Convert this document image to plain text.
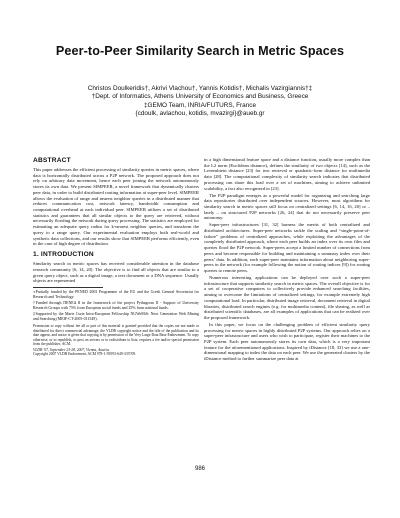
Peer-to-Peer Similarity Search in Metric Spaces
Christos Doulkeridis†, Akrivi Vlachou†, Yannis Kotidis†, Michalis Vazirgiannis†‡
†Dept. of Informatics, Athens University of Economics and Business, Greece
‡GEMO Team, INRIA/FUTURS, France
{cdoulk, avlachou, kotidis, mvazirgi}@aueb.gr
ABSTRACT

This paper addresses the efficient processing of similarity queries in metric spaces, where data is horizontally distributed across a P2P network. The proposed approach does not rely on arbitrary data movement, hence each peer joining the network autonomously stores its own data. We present SIMPEER, a novel framework that dynamically clusters peer data, in order to build distributed routing information at super-peer level. SIMPEER allows the evaluation of range and nearest neighbor queries in a distributed manner that reduces communication cost, network latency, bandwidth consumption and computational overhead at each individual peer. SIMPEER utilizes a set of distributed statistics and guarantees that all similar objects to the query are retrieved, without necessarily flooding the network during query processing. The statistics are employed for estimating an adequate query radius for k-nearest neighbor queries, and transform the query to a range query. Our experimental evaluation employs both real-world and synthetic data collections, and our results show that SIMPEER performs efficiently, even in the case of high degree of distribution.

1. INTRODUCTION

Similarity search in metric spaces has received considerable attention in the database research community [6, 14, 20]. The objective is to find all objects that are similar to a given query object, such as a digital image, a text document or a DNA sequence. Usually objects are represented

∗Partially funded by the PENED 2003 Programme of the EU and the Greek General Secretariat for Research and Technology.

†Funded through ΠENEΔ II in the framework of the project Pythagoras II - Support of University Research Groups with 75% from European social funds and 25% from national funds.

‡Supported by the Marie Curie Intra-European Fellowship NGWeMiS: Next Generation Web Mining and Searching (MEIF-CT-2005-011549).

Permission to copy without fee all or part of this material is granted provided that the copies are not made or distributed for direct commercial advantage, the VLDB copyright notice and the title of the publication and its date appear, and notice is given that copying is by permission of the Very Large Data Base Endowment. To copy otherwise, or to republish, to post on servers or to redistribute to lists, requires a fee and/or special permission from the publisher, ACM.

VLDB ’07, September 23-28, 2007, Vienna, Austria.

Copyright 2007 VLDB Endowment, ACM 978-1-59593-649-3/07/09.

in a high dimensional feature space and a distance function, usually more complex than the L2 norm (Euclidean distance), defines the similarity of two objects [14], such as the Levenshtein distance [23] for text retrieval or quadratic-form distance for multimedia data [28]. The computational complexity of similarity search indicates that distributed processing can share this load over a set of machines, aiming to achieve unlimited scalability, a fact also recognized in [23].

The P2P paradigm emerges as a powerful model for organizing and searching large data repositories distributed over independent sources. However, most algorithms for similarity search in metric spaces still focus on centralized settings [6, 14, 16, 20] or – lately – on structured P2P networks [26, 24] that do not necessarily preserve peer autonomy.

Super-peer infrastructures [31, 32] harness the merits of both centralized and distributed architectures. Super-peer networks tackle the scaling and “single-point-of-failure” problems of centralized approaches, while exploiting the advantages of the completely distributed approach, where each peer builds an index over its own files and queries flood the P2P network. Super-peers accept a limited number of connections from peers and become responsible for building and maintaining a summary index over their peers’ data. In addition, each super-peer maintains information about neighboring super-peers in the network (for example following the notion of routing indices [9]) for routing queries to remote peers.

Numerous interesting applications can be deployed over such a super-peer infrastructure that supports similarity search in metric spaces. The overall objective is for a set of cooperative computers to collectively provide enhanced searching facilities, aiming to overcome the limitations of centralized settings, for example extremely high computational load. In particular, distributed image retrieval, document retrieval in digital libraries, distributed search engines (e.g. for multimedia content), file sharing, as well as distributed scientific databases, are all examples of applications that can be realized over the proposed framework.

In this paper, we focus on the challenging problem of efficient similarity query processing for metric spaces in highly distributed P2P systems. Our approach relies on a super-peer infrastructure and users who wish to participate, register their machines to the P2P system. Each peer autonomously stores its own data, which is a very important feature for the aforementioned applications. Inspired by iDistance [18, 33] we use a one-dimensional mapping to index the data on each peer. We use the generated clusters by the iDistance method to further summarize peer data at

986
